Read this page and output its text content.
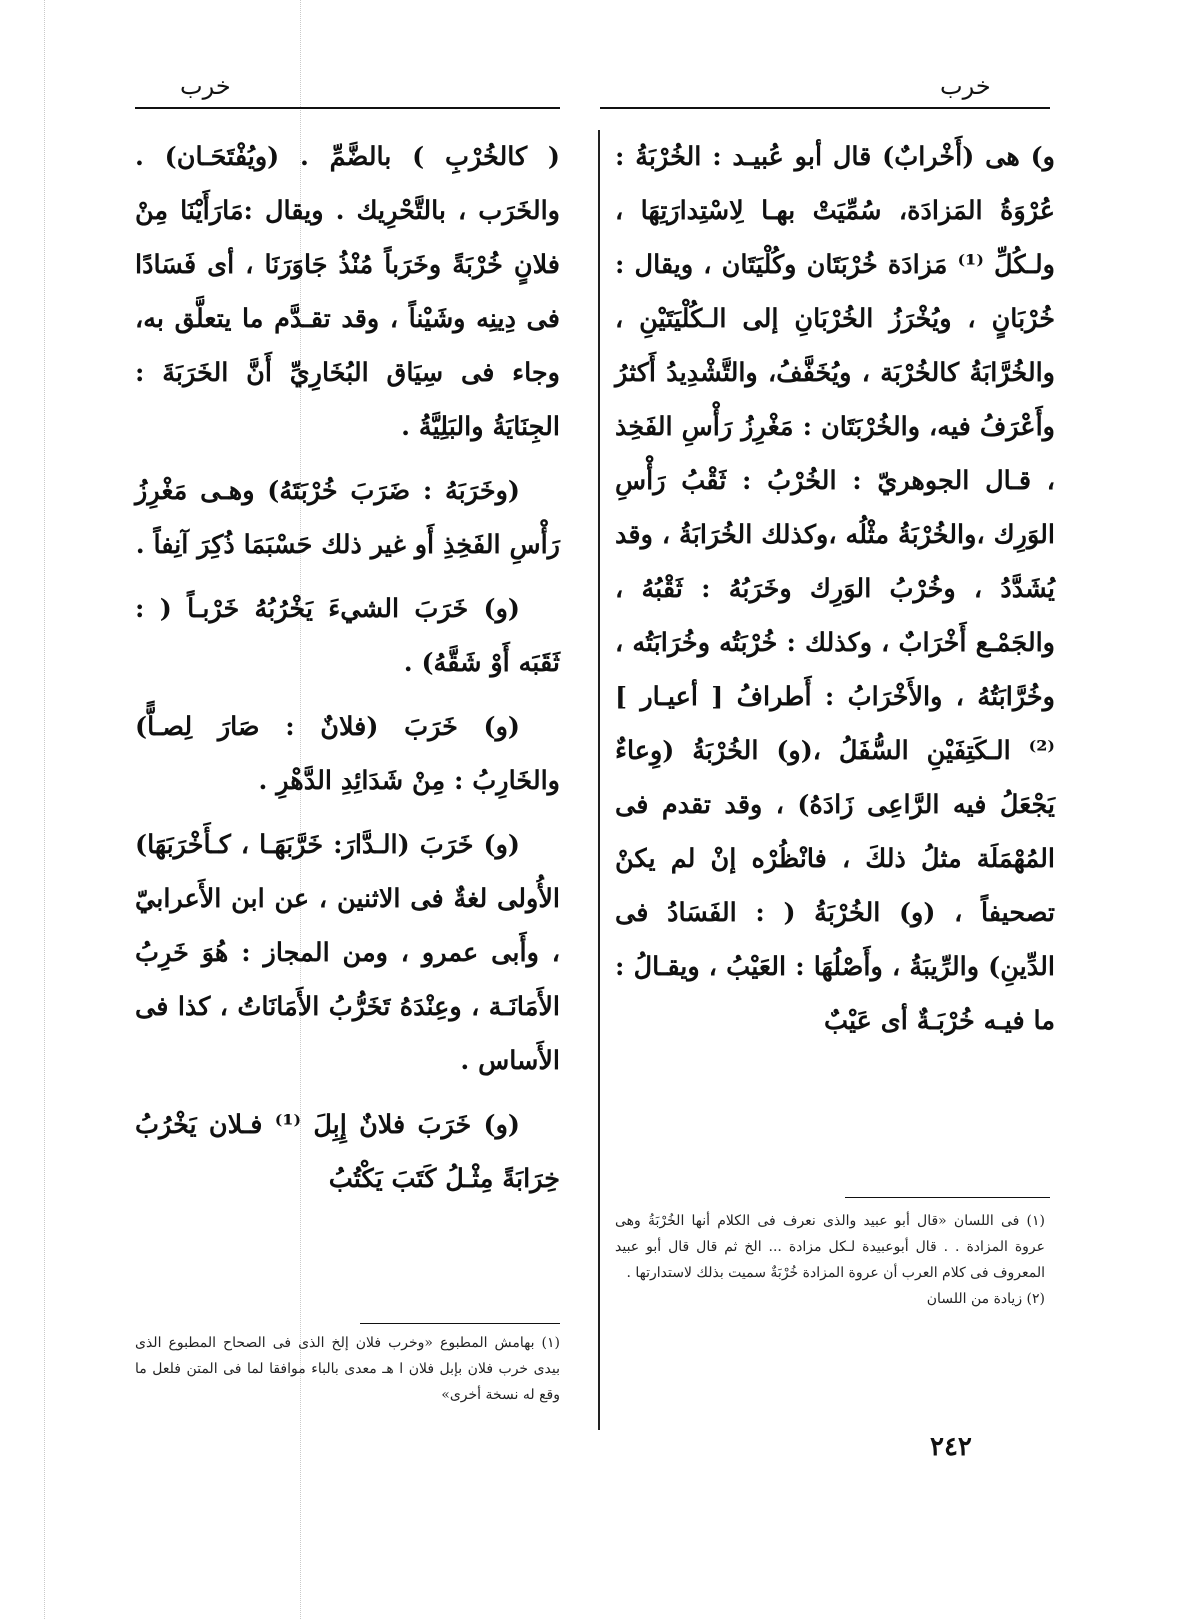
خرب	خرب

و) هى (أَخْرابٌ) قال أبو عُبيـد : الخُرْبَةُ : عُرْوَةُ المَزادَة، سُمِّيَتْ بهـا لِاسْتِدارَتِهَا ، ولـكُلِّ ⁽¹⁾ مَزادَة خُرْبَتَان وكُلْيَتَان ، ويقال : خُرْبَانٍ ، ويُخْرَزُ الخُرْبَانِ إلى الـكُلْيَتَيْنِ ، والخُرَّابَةُ كالخُرْبَة ، ويُخَفَّفُ، والتَّشْدِيدُ أَكثرُ وأَعْرَفُ فيه، والخُرْبَتَان : مَغْرِزُ رَأْسِ الفَخِذ ، قـال الجوهريّ : الخُرْبُ : ثَقْبُ رَأْسِ الوَرِك ،والخُرْبَةُ مثْلُه ،وكذلك الخُرَابَةُ ، وقد يُشَدَّدُ ، وخُرْبُ الوَرِك وخَرَبُهُ : ثَقْبُهُ ، والجَمْـع أَخْرَابٌ ، وكذلك : خُرْبَتُه وخُرَابَتُه ، وخُرَّابَتُهُ ، والأَخْرَابُ : أَطرافُ [ أعيـار ] ⁽²⁾ الـكَتِفَيْنِ السُّفَلُ ،(و) الخُرْبَةُ (وِعاءٌ يَجْعَلُ فيه الرَّاعِى زَادَهُ) ، وقد تقدم فى المُهْمَلَة مثلُ ذلكَ ، فانْظُرْه إنْ لم يكنْ تصحيفاً ، (و) الخُرْبَةُ ( : الفَسَادُ فى الدِّينِ) والرِّيبَةُ ، وأَصْلُهَا : العَيْبُ ، ويقـالُ : ما فيـه خُرْبَـةٌ أى عَيْبٌ

( كالخُرْبِ ) بالضَّمِّ . (ويُفْتَحَـان) . والخَرَب ، بالتَّحْرِيك . ويقال :مَارَأَيْنَا مِنْ فلانٍ خُرْبَةً وخَرَباً مُنْذُ جَاوَرَنَا ، أى فَسَادًا فى دِينِه وشَيْناً ، وقد تقـدَّم ما يتعلَّق به، وجاء فى سِيَاق البُخَارِيِّ أَنَّ الخَرَبَةَ : الجِنَايَةُ والبَلِيَّةُ .

(وخَرَبَهُ : ضَرَبَ خُرْبَتَهُ) وهـى مَغْرِزُ رَأْسِ الفَخِذِ أَو غير ذلك حَسْبَمَا ذُكِرَ آنِفاً .

(و) خَرَبَ الشيءَ يَخْرُبُهُ خَرْبـاً ( : ثَقَبَه أَوْ شَقَّهُ) .

(و) خَرَبَ (فلانٌ : صَارَ لِصـاًّ) والخَارِبُ : مِنْ شَدَائِدِ الدَّهْرِ .

(و) خَرَبَ (الـدَّارَ: خَرَّبَهَـا ، كـأَخْرَبَهَا) الأُولى لغةٌ فى الاثنين ، عن ابن الأَعرابيّ ، وأَبى عمرو ، ومن المجاز : هُوَ خَرِبُ الأَمَانَـة ، وعِنْدَهُ تَخَرُّبُ الأَمَانَاتُ ، كذا فى الأَساس .

(و) خَرَبَ فلانٌ إِبِلَ ⁽¹⁾ فـلان يَخْرُبُ خِرَابَةً مِثْـلُ كَتَبَ يَكْتُبُ

(١) فى اللسان «قال أبو عبيد والذى نعرف فى الكلام أنها الخُرْبَةُ وهى عروة المزادة . . قال أبوعبيدة لـكل مزادة ... الخ ثم قال قال أبو عبيد المعروف فى كلام العرب أن عروة المزادة خُرْبَةٌ سميت بذلك لاستدارتها .

(٢) زيادة من اللسان

(١) بهامش المطبوع «وخرب فلان إلخ الذى فى الصحاح المطبوع الذى بيدى خرب فلان بإبل فلان ا هـ معدى بالباء موافقا لما فى المتن فلعل ما وقع له نسخة أخرى»

٢٤٢
